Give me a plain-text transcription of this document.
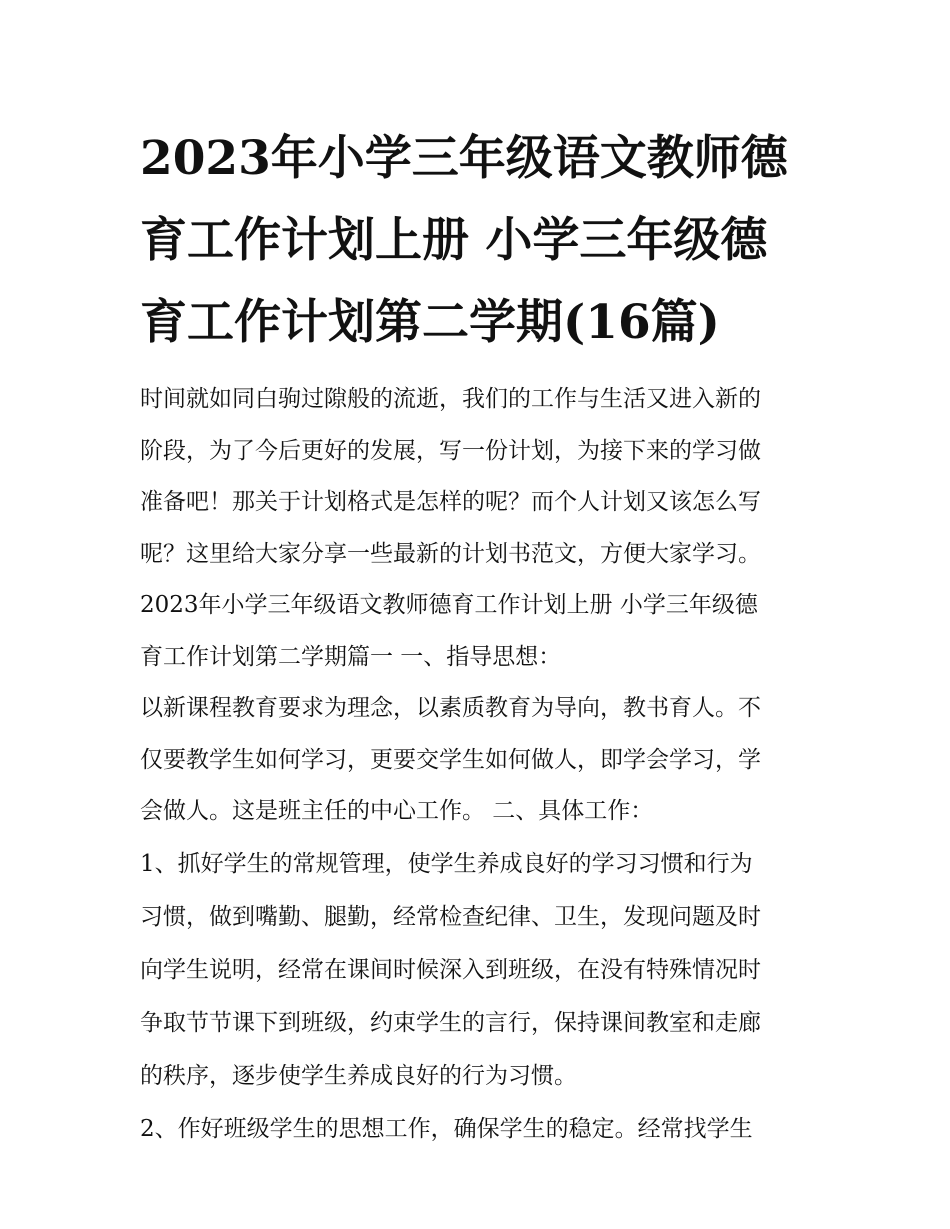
2023年小学三年级语文教师德
育工作计划上册 小学三年级德
育工作计划第二学期(16篇)
时间就如同白驹过隙般的流逝，我们的工作与生活又进入新的
阶段，为了今后更好的发展，写一份计划，为接下来的学习做
准备吧！那关于计划格式是怎样的呢？而个人计划又该怎么写
呢？这里给大家分享一些最新的计划书范文，方便大家学习。
2023年小学三年级语文教师德育工作计划上册 小学三年级德
育工作计划第二学期篇一 一、指导思想：
以新课程教育要求为理念，以素质教育为导向，教书育人。不
仅要教学生如何学习，更要交学生如何做人，即学会学习，学
会做人。这是班主任的中心工作。 二、具体工作：
1、抓好学生的常规管理，使学生养成良好的学习习惯和行为
习惯，做到嘴勤、腿勤，经常检查纪律、卫生，发现问题及时
向学生说明，经常在课间时候深入到班级，在没有特殊情况时
争取节节课下到班级，约束学生的言行，保持课间教室和走廊
的秩序，逐步使学生养成良好的行为习惯。
2、作好班级学生的思想工作，确保学生的稳定。经常找学生
